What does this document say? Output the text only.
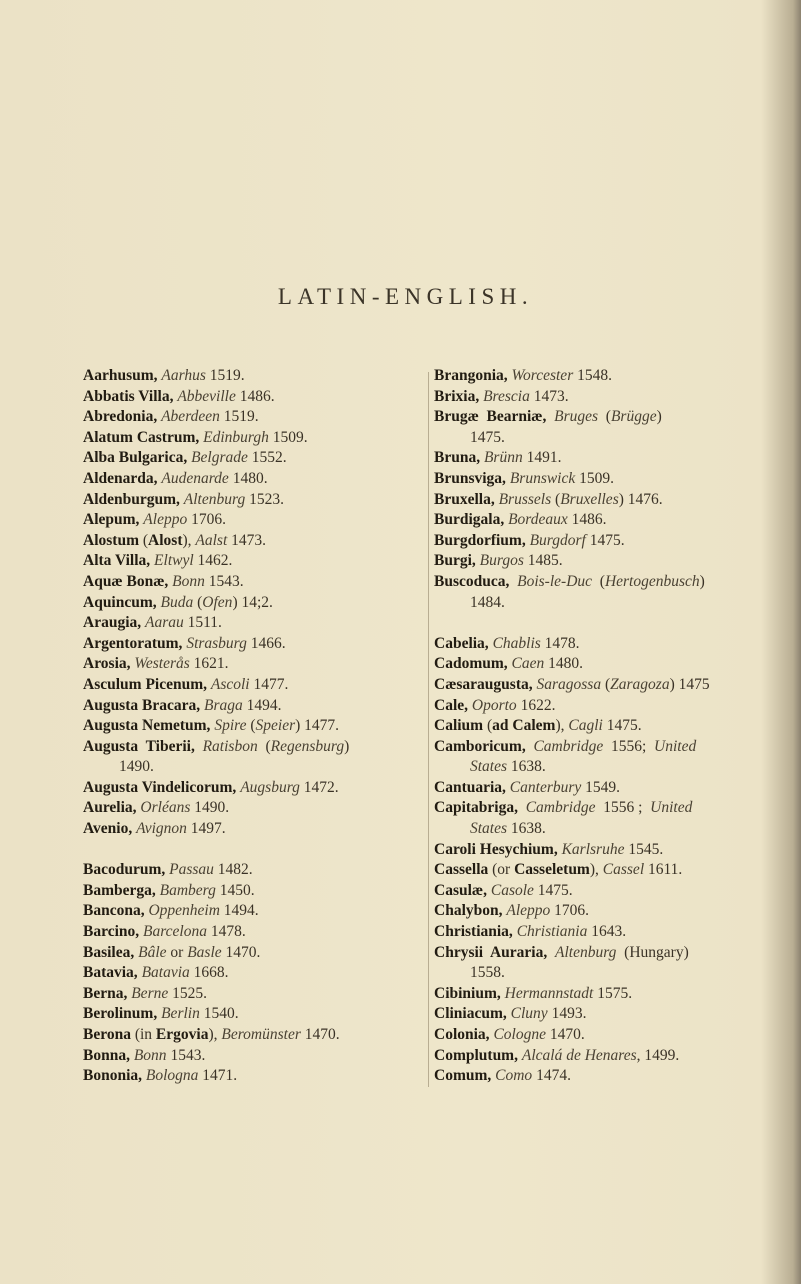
LATIN-ENGLISH.
Aarhusum, Aarhus 1519.
Abbatis Villa, Abbeville 1486.
Abredonia, Aberdeen 1519.
Alatum Castrum, Edinburgh 1509.
Alba Bulgarica, Belgrade 1552.
Aldenarda, Audenarde 1480.
Aldenburgum, Altenburg 1523.
Alepum, Aleppo 1706.
Alostum (Alost), Aalst 1473.
Alta Villa, Eltwyl 1462.
Aquæ Bonæ, Bonn 1543.
Aquincum, Buda (Ofen) 14;2.
Araugia, Aarau 1511.
Argentoratum, Strasburg 1466.
Arosia, Westerås 1621.
Asculum Picenum, Ascoli 1477.
Augusta Bracara, Braga 1494.
Augusta Nemetum, Spire (Speier) 1477.
Augusta  Tiberii,  Ratisbon  (Regensburg)
1490.
Augusta Vindelicorum, Augsburg 1472.
Aurelia, Orléans 1490.
Avenio, Avignon 1497.
Bacodurum, Passau 1482.
Bamberga, Bamberg 1450.
Bancona, Oppenheim 1494.
Barcino, Barcelona 1478.
Basilea, Bâle or Basle 1470.
Batavia, Batavia 1668.
Berna, Berne 1525.
Berolinum, Berlin 1540.
Berona (in Ergovia), Beromünster 1470.
Bonna, Bonn 1543.
Bononia, Bologna 1471.
Brangonia, Worcester 1548.
Brixia, Brescia 1473.
Brugæ  Bearniæ,  Bruges  (Brügge)
1475.
Bruna, Brünn 1491.
Brunsviga, Brunswick 1509.
Bruxella, Brussels (Bruxelles) 1476.
Burdigala, Bordeaux 1486.
Burgdorfium, Burgdorf 1475.
Burgi, Burgos 1485.
Buscoduca,  Bois-le-Duc  (Hertogenbusch)
1484.
Cabelia, Chablis 1478.
Cadomum, Caen 1480.
Cæsaraugusta, Saragossa (Zaragoza) 1475
Cale, Oporto 1622.
Calium (ad Calem), Cagli 1475.
Camboricum,  Cambridge  1556;  United
States 1638.
Cantuaria, Canterbury 1549.
Capitabriga,  Cambridge  1556 ;  United
States 1638.
Caroli Hesychium, Karlsruhe 1545.
Cassella (or Casseletum), Cassel 1611.
Casulæ, Casole 1475.
Chalybon, Aleppo 1706.
Christiania, Christiania 1643.
Chrysii  Auraria,  Altenburg  (Hungary)
1558.
Cibinium, Hermannstadt 1575.
Cliniacum, Cluny 1493.
Colonia, Cologne 1470.
Complutum, Alcalá de Henares, 1499.
Comum, Como 1474.
